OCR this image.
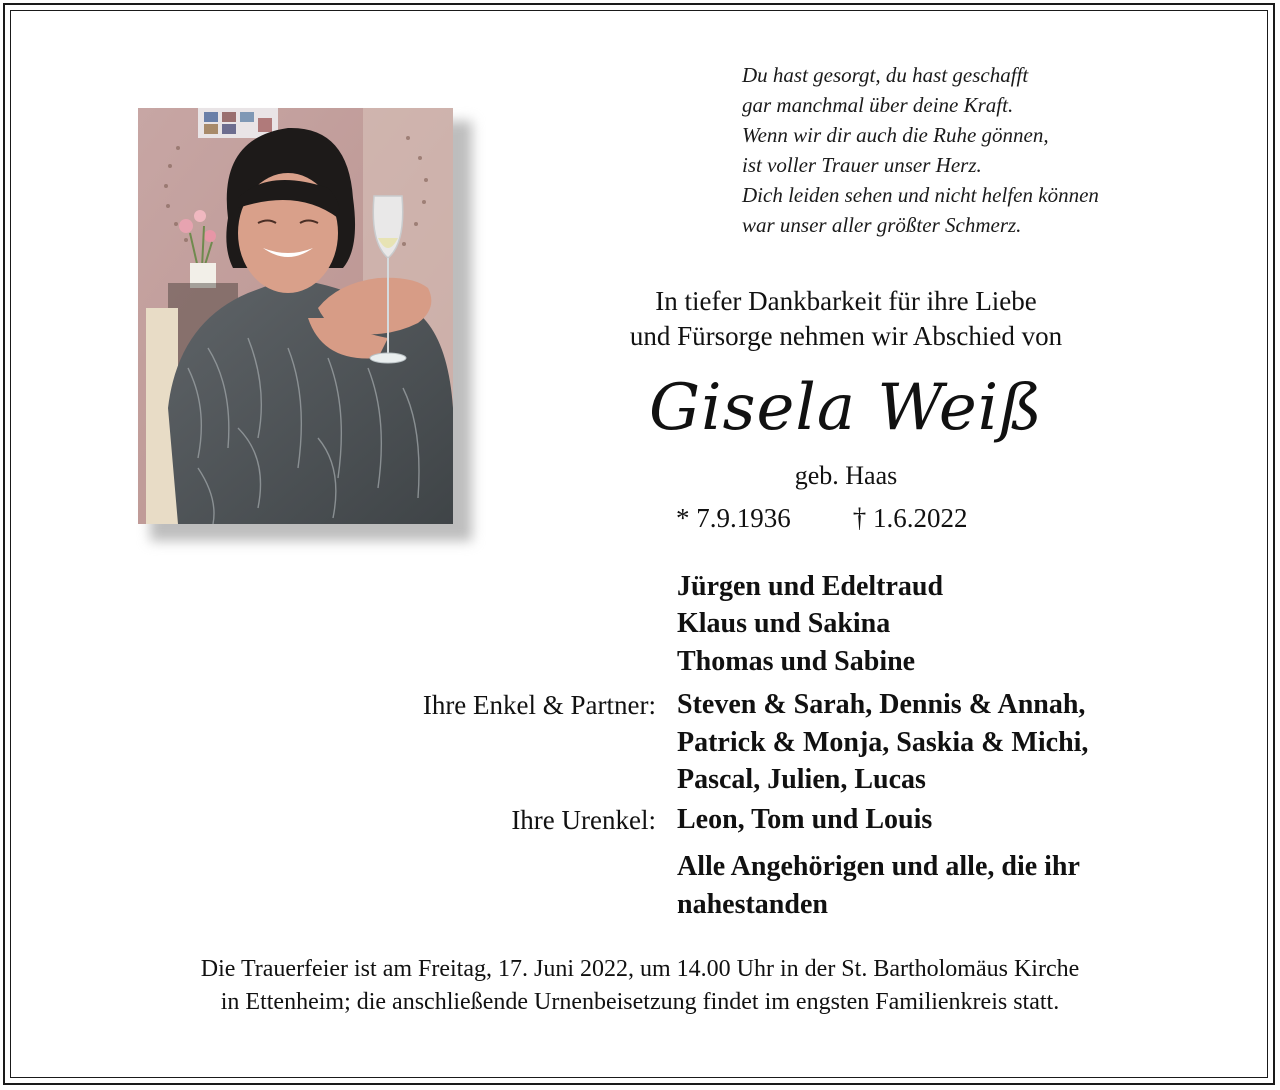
Du hast gesorgt, du hast geschafft
gar manchmal über deine Kraft.
Wenn wir dir auch die Ruhe gönnen,
ist voller Trauer unser Herz.
Dich leiden sehen und nicht helfen können
war unser aller größter Schmerz.
In tiefer Dankbarkeit für ihre Liebe
und Fürsorge nehmen wir Abschied von
Gisela Weiß
geb. Haas
* 7.9.1936 † 1.6.2022
Jürgen und Edeltraud
Klaus und Sakina
Thomas und Sabine
Ihre Enkel & Partner: Steven & Sarah, Dennis & Annah,
Patrick & Monja, Saskia & Michi,
Pascal, Julien, Lucas
Ihre Urenkel: Leon, Tom und Louis
Alle Angehörigen und alle, die ihr
nahestanden
Die Trauerfeier ist am Freitag, 17. Juni 2022, um 14.00 Uhr in der St. Bartholomäus Kirche
in Ettenheim; die anschließende Urnenbeisetzung findet im engsten Familienkreis statt.
